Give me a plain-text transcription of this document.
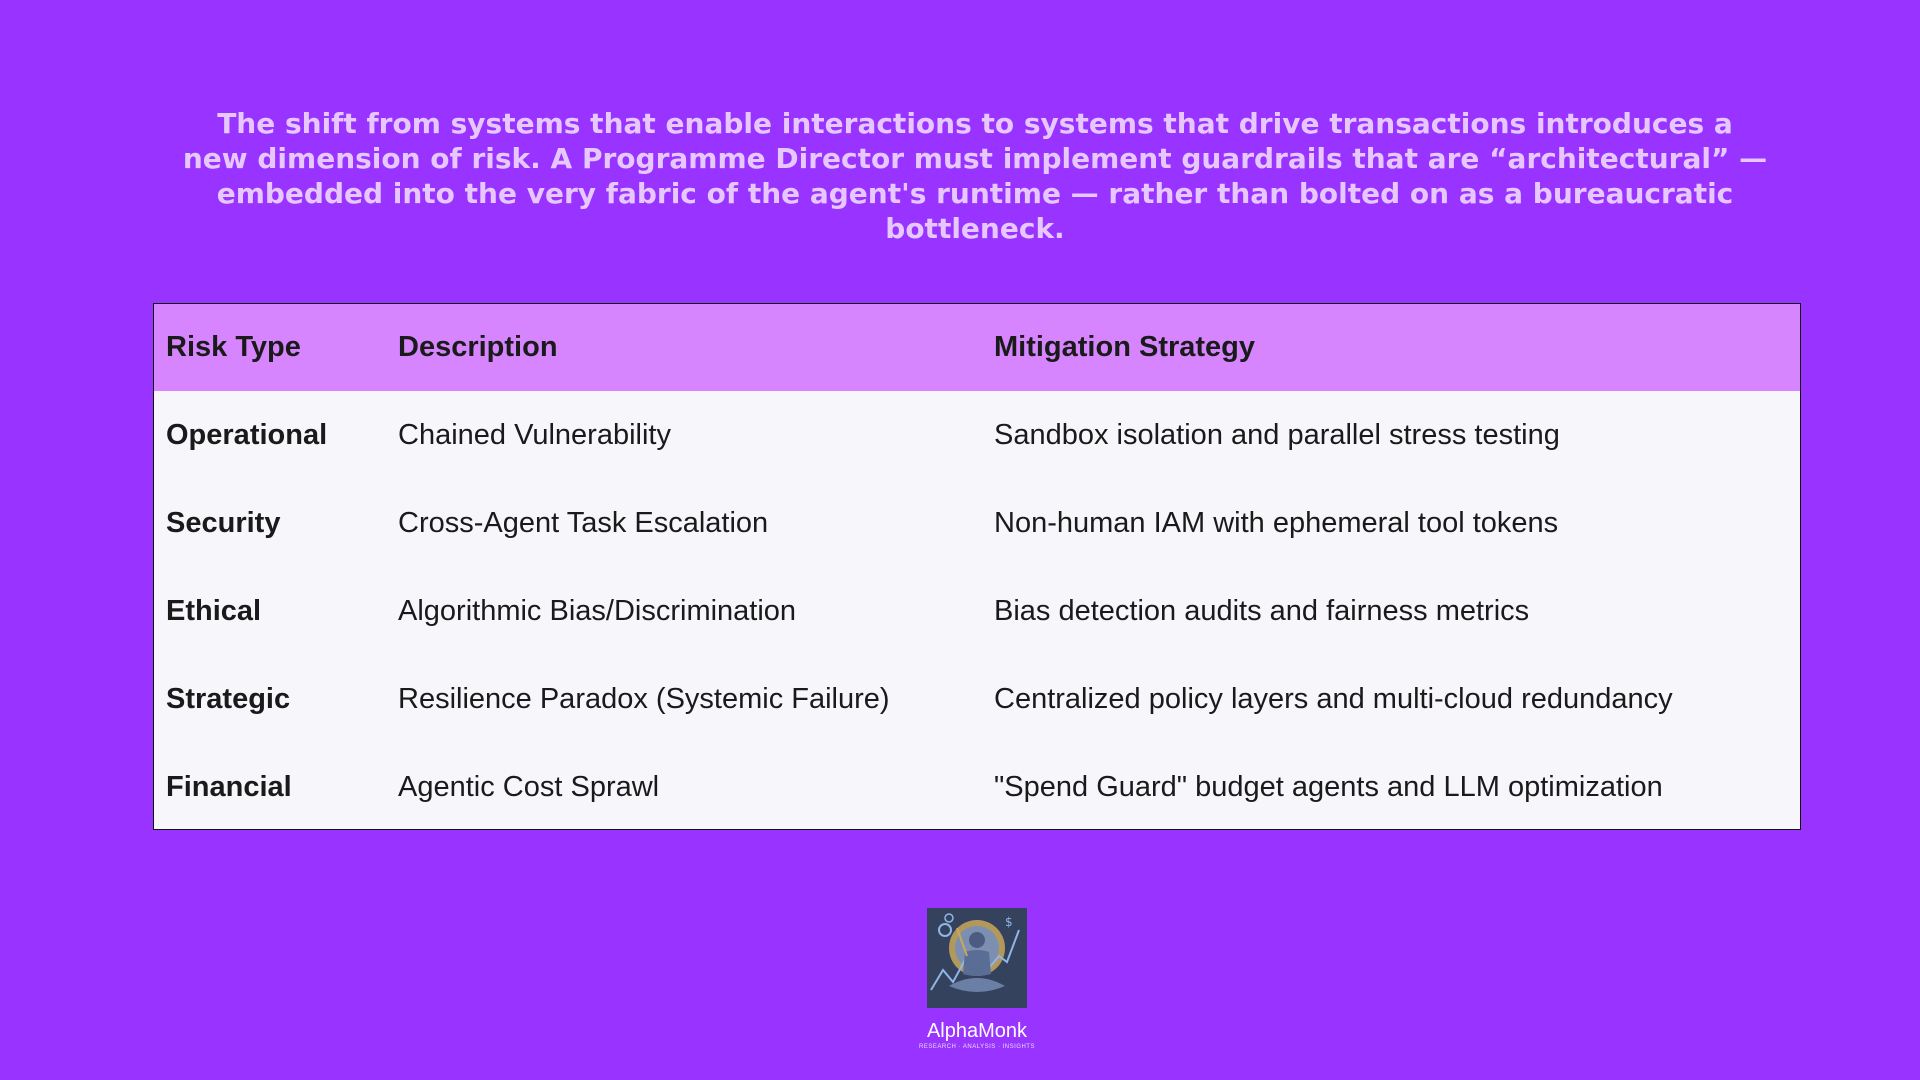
The shift from systems that enable interactions to systems that drive transactions introduces a new dimension of risk. A Programme Director must implement guardrails that are “architectural” — embedded into the very fabric of the agent's runtime — rather than bolted on as a bureaucratic bottleneck.

Risk Type	Description	Mitigation Strategy
Operational	Chained Vulnerability	Sandbox isolation and parallel stress testing
Security	Cross-Agent Task Escalation	Non-human IAM with ephemeral tool tokens
Ethical	Algorithmic Bias/Discrimination	Bias detection audits and fairness metrics
Strategic	Resilience Paradox (Systemic Failure)	Centralized policy layers and multi-cloud redundancy
Financial	Agentic Cost Sprawl	"Spend Guard" budget agents and LLM optimization
$
AlphaMonk
RESEARCH · ANALYSIS · INSIGHTS
